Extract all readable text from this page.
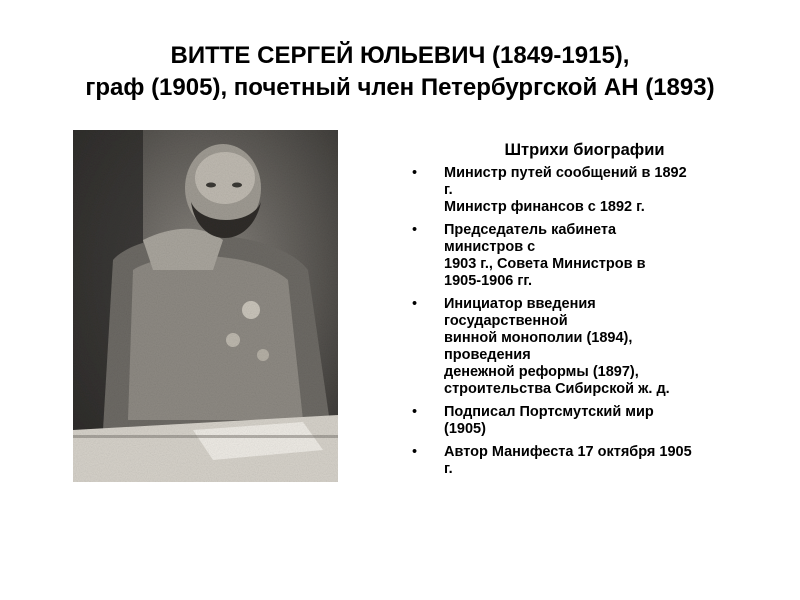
ВИТТЕ СЕРГЕЙ ЮЛЬЕВИЧ (1849-1915),
граф (1905), почетный член Петербургской АН (1893)
Штрихи биографии
• Министр путей сообщений в 1892
г.
Министр финансов с 1892 г.
• Председатель кабинета
министров с
1903 г., Совета Министров в
1905-1906 гг.
• Инициатор введения
государственной
винной монополии (1894),
проведения
денежной реформы (1897),
строительства Сибирской ж. д.
• Подписал Портсмутский мир
(1905)
• Автор Манифеста 17 октября 1905
г.
